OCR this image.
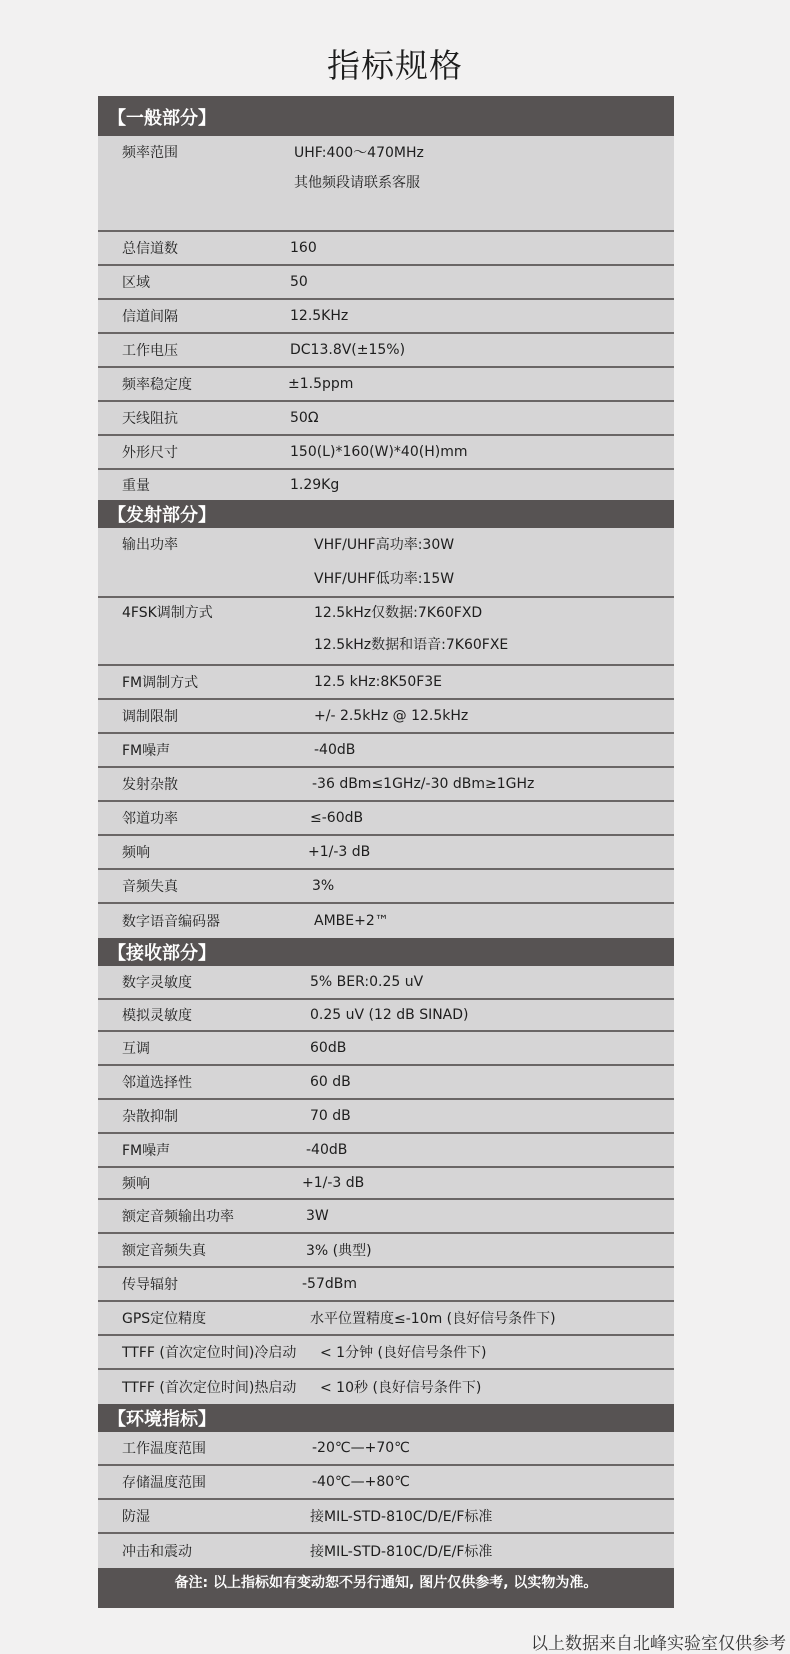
指标规格
【一般部分】
频率范围	UHF:400～470MHz
其他频段请联系客服
总信道数	160
区域	50
信道间隔	12.5KHz
工作电压	DC13.8V(±15%)
频率稳定度	±1.5ppm
天线阻抗	50Ω
外形尺寸	150(L)*160(W)*40(H)mm
重量	1.29Kg
【发射部分】
输出功率	VHF/UHF高功率:30W
VHF/UHF低功率:15W
4FSK调制方式	12.5kHz仅数据:7K60FXD
12.5kHz数据和语音:7K60FXE
FM调制方式	12.5 kHz:8K50F3E
调制限制	+/- 2.5kHz @ 12.5kHz
FM噪声	-40dB
发射杂散	-36 dBm≤1GHz/-30 dBm≥1GHz
邻道功率	≤-60dB
频响	+1/-3 dB
音频失真	3%
数字语音编码器	AMBE+2™
【接收部分】
数字灵敏度	5% BER:0.25 uV
模拟灵敏度	0.25 uV (12 dB SINAD)
互调	60dB
邻道选择性	60 dB
杂散抑制	70 dB
FM噪声	-40dB
频响	+1/-3 dB
额定音频输出功率	3W
额定音频失真	3% (典型)
传导辐射	-57dBm
GPS定位精度	水平位置精度≤-10m (良好信号条件下)
TTFF (首次定位时间)冷启动 < 1分钟 (良好信号条件下)
TTFF (首次定位时间)热启动 < 10秒 (良好信号条件下)
【环境指标】
工作温度范围	-20℃—+70℃
存储温度范围	-40℃—+80℃
防湿	接MIL-STD-810C/D/E/F标准
冲击和震动	接MIL-STD-810C/D/E/F标准
备注: 以上指标如有变动恕不另行通知, 图片仅供参考, 以实物为准。
以上数据来自北峰实验室仅供参考
